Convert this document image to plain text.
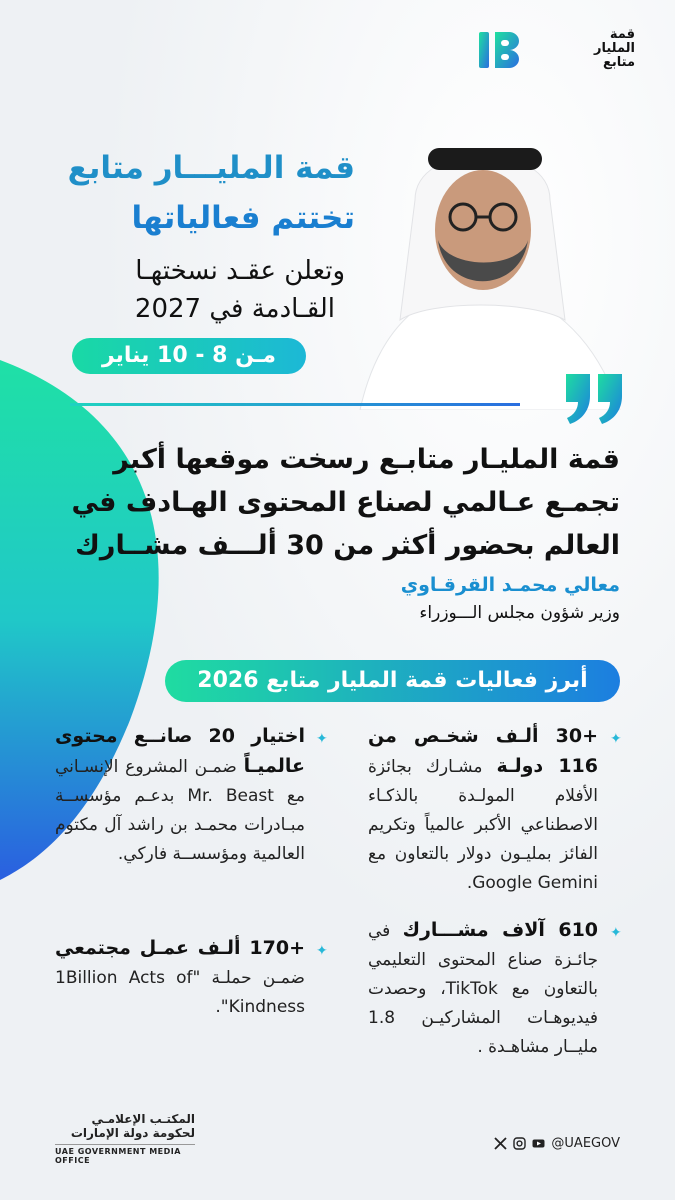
قمة
المليار
متابع
قمة المليـــار متابع
تختتم فعالياتها
وتعلن عقـد نسختهـا
القـادمة في 2027
مـن 8 - 10 يناير
قمة المليـار متابـع رسخت موقعها أكبر تجمـع عـالمي لصناع المحتوى الهـادف في العالم بحضور أكثر من 30 ألـــف مشــارك
معالي محمـد القرقـاوي
وزير شؤون مجلس الـــوزراء
أبرز فعاليات قمة المليار متابع 2026
✦
+30 ألـف شخـص من 116 دولـة مشـارك بجائزة الأفلام المولـدة بالذكـاء الاصطناعي الأكبر عالمياً وتكريم الفائز بمليـون دولار بالتعاون مع Google Gemini.
✦
610 آلاف مشـــارك في جائـزة صناع المحتوى التعليمي بالتعاون مع TikTok، وحصدت فيديوهـات المشاركيـن 1.8 مليــار مشاهـدة .
✦
اختيار 20 صانــع محتوى عالميـاً ضمـن المشروع الإنسـاني مع Mr. Beast بدعـم مؤسســة مبـادرات محمـد بن راشد آل مكتوم العالمية ومؤسســة فاركي.
✦
+170 ألـف عمـل مجتمعي ضمـن حملـة "1Billion Acts of Kindness".
المكتـب الإعلامـي
لحكومة دولة الإمارات
UAE GOVERNMENT MEDIA OFFICE
@UAEGOV
